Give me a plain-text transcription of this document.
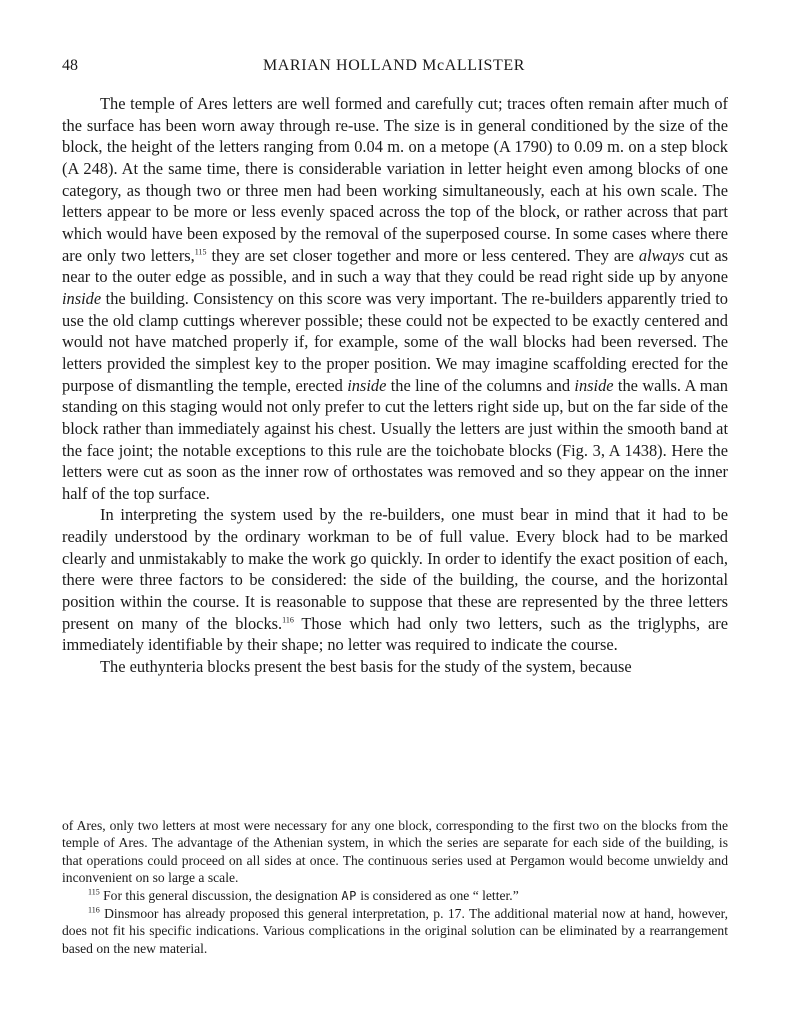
48	MARIAN HOLLAND McALLISTER

The temple of Ares letters are well formed and carefully cut; traces often remain after much of the surface has been worn away through re-use. The size is in general conditioned by the size of the block, the height of the letters ranging from 0.04 m. on a metope (A 1790) to 0.09 m. on a step block (A 248). At the same time, there is considerable variation in letter height even among blocks of one category, as though two or three men had been working simultaneously, each at his own scale. The letters appear to be more or less evenly spaced across the top of the block, or rather across that part which would have been exposed by the removal of the superposed course. In some cases where there are only two letters,$^{115}$ they are set closer together and more or less centered. They are always cut as near to the outer edge as possible, and in such a way that they could be read right side up by anyone inside the building. Consistency on this score was very important. The re-builders apparently tried to use the old clamp cuttings wherever possible; these could not be expected to be exactly centered and would not have matched properly if, for example, some of the wall blocks had been reversed. The letters provided the simplest key to the proper position. We may imagine scaffolding erected for the purpose of dismantling the temple, erected inside the line of the columns and inside the walls. A man standing on this staging would not only prefer to cut the letters right side up, but on the far side of the block rather than immediately against his chest. Usually the letters are just within the smooth band at the face joint; the notable exceptions to this rule are the toichobate blocks (Fig. 3, A 1438). Here the letters were cut as soon as the inner row of orthostates was removed and so they appear on the inner half of the top surface.

In interpreting the system used by the re-builders, one must bear in mind that it had to be readily understood by the ordinary workman to be of full value. Every block had to be marked clearly and unmistakably to make the work go quickly. In order to identify the exact position of each, there were three factors to be considered: the side of the building, the course, and the horizontal position within the course. It is reasonable to suppose that these are represented by the three letters present on many of the blocks.$^{116}$ Those which had only two letters, such as the triglyphs, are immediately identifiable by their shape; no letter was required to indicate the course.

The euthynteria blocks present the best basis for the study of the system, because

of Ares, only two letters at most were necessary for any one block, corresponding to the first two on the blocks from the temple of Ares. The advantage of the Athenian system, in which the series are separate for each side of the building, is that operations could proceed on all sides at once. The continuous series used at Pergamon would become unwieldy and inconvenient on so large a scale.

$^{115}$ For this general discussion, the designation AP is considered as one “ letter.”

$^{116}$ Dinsmoor has already proposed this general interpretation, p. 17. The additional material now at hand, however, does not fit his specific indications. Various complications in the original solution can be eliminated by a rearrangement based on the new material.
